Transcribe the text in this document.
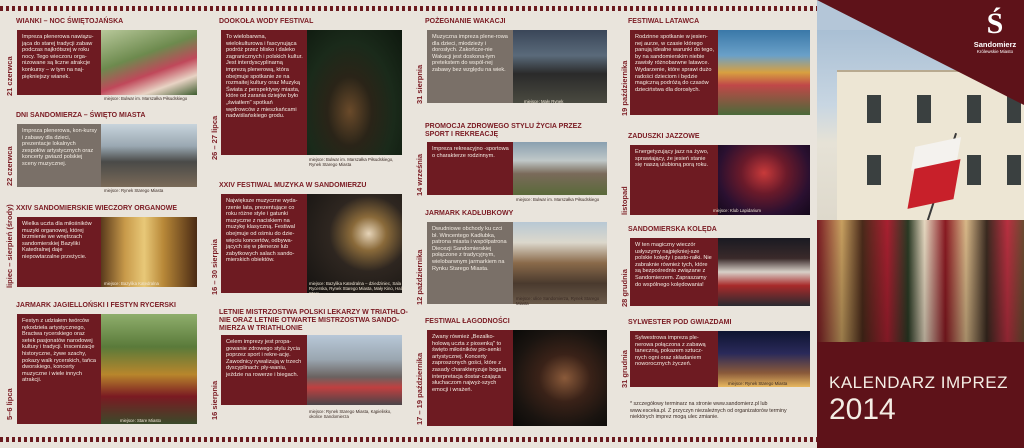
WIANKI – NOC ŚWIĘTOJAŃSKA
21 czerwca
Impreza plenerowa nawiązu-jąca do starej tradycji zabaw podczas najkrótszej w roku nocy. Tego wieczoru orga-nizowane są liczne atrakcje konkursy – w tym na naj-piękniejszy wianek.
miejsce: Bulwar im. Marszałka Piłsudskiego
DNI SANDOMIERZA – ŚWIĘTO MIASTA
22 czerwca
Impreza plenerowa, kon-kursy i zabawy dla dzieci, prezentacje lokalnych zespołów artystycznych oraz koncerty gwiazd polskiej sceny muzycznej.
miejsce: Rynek Starego Miasta
XXIV SANDOMIERSKIE WIECZORY ORGANOWE
lipiec – sierpień (środy)	Wielka uczta dla miłośników muzyki organowej, której brzmienie we wnętrzach sandomierskiej Bazyliki Katedralnej daje niepowtarzalne przeżycie.
miejsce: Bazylika Katedralna
JARMARK JAGIELLOŃSKI I FESTYN RYCERSKI
5–6 lipca
Festyn z udziałem twórców rękodzieła artystycznego, Bractwa rycerskiego oraz setek pasjonatów narodowej kultury i tradycji. Inscenizacje historyczne, żywe szachy, pokazy walk rycerskich, tańca dworskiego, koncerty muzyczne i wiele innych atrakcji.
miejsce: Stare Miasto
DOOKOŁA WODY FESTIVAL
26 – 27 lipca
To wielobarwna, wielokulturowa i fascynująca podróż przez blisko i daleko zagranicznych i polskich kultur. Jest interdyscyplinarną imprezą plenerową, która obejmuje spotkanie ze na rozmaitej kultury oraz Muzyką Świata z perspektywy miasta, które od zarania dziejów było „światłem" spotkań wędrowców z mieszkańcami nadwiślańskiego grodu.
miejsce: Bulwar im. Marszałka Piłsudskiego, Rynek Starego Miasta
XXIV FESTIWAL MUZYKA W SANDOMIERZU
16 – 30 sierpnia
Największe muzyczne wyda-rzenie lata, prezentujące co roku różne style i gatunki muzyczne z naciskiem na muzykę klasyczną. Festiwal obejmuje od ośmiu do dzie-więciu koncertów, odbywa-jących się w plenerze lub zabytkowych salach sando-mierskich obiektów.
miejsce: Bazylika Katedralna – dziedziniec, Sala Rycerska, Rynek Starego Miasta, Mały Kino, Hala Stare...
LETNIE MISTRZOSTWA POLSKI LEKARZY W TRIATHLO-NIE ORAZ LETNIE OTWARTE MISTRZOSTWA SANDO-MIERZA W TRIATHLONIE
16 sierpnia
Celem imprezy jest propa-gowanie zdrowego stylu życia poprzez sport i rekre-ację. Zawodnicy rywalizują w trzech dyscyplinach: pły-waniu, jeździe na rowerze i biegach.
miejsce: Rynek Starego Miasta, Kąpielisko, okolice Sandomierza
POŻEGNANIE WAKACJI
31 sierpnia
Muzyczna impreza plene-rowa dla dzieci, młodzieży i dorosłych. Zakończe-nie Wakacji jest doskona-łym pretekstem do wspól-nej zabawy bez względu na wiek.
miejsce: Mały Rynek
PROMOCJA ZDROWEGO STYLU ŻYCIA PRZEZ SPORT I REKREACJĘ
14 września
Impreza rekreacyjno -sportowa o charakterze rodzinnym.
miejsce: Bulwar im. Marszałka Piłsudskiego
JARMARK KADŁUBKOWY
12 października
Dwudniowe obchody ku czci bł. Wincentego Kadłubka, patrona miasta i współpatrona Diecezji Sandomierskiej połączone z tradycyjnym, wielobarwnym jarmarkiem na Rynku Starego Miasta.
miejsce: ulice Sandomierza, Rynek Starego Miasta
FESTIWAL ŁAGODNOŚCI
17 – 19 października
Zwany również „Bezalko-holową uczta z piosenką" to święto miłośników pio-senki artystycznej. Koncerty zaproszonych gości, które z zasady charakteryzuje bogata interpretacja dostar-czająca słuchaczom najwyż-szych emocji i wrażeń.
FESTIWAL LATAWCA
19 października
Rodzinne spotkanie w jesien-nej aurze, w czasie którego panują idealne warunki do tego, by na sandomierskim niebie zawisły różnobarwne latawce. Wydarzenie, które sprawi dużo radości dzieciom i będzie magiczną podróżą do czasów dzieciństwa dla dorosłych.
ZADUSZKI JAZZOWE
listopad
Energetyzujący jazz na żywo, sprawiający, że jesień stanie się naszą ulubioną porą roku.
miejsce: Klub Lapidarium
SANDOMIERSKA KOLĘDA
28 grudnia
W ten magiczny wieczór usłyszymy najpiękniej-sze polskie kolędy i pasto-rałki. Nie zabraknie również tych, które są bezpośrednio związane z Sandomierzem. Zapraszamy do wspólnego kolędowania!
SYLWESTER POD GWIAZDAMI
31 grudnia
Sylwestrowa impreza ple-nerowa połączona z zabawą taneczną, pokazem sztucz-nych ogni oraz składaniem noworocznych życzeń.
miejsce: Rynek Starego Miasta
* szczegółowy terminarz na stronie www.sandomierz.pl lub
www.esceka.pl. Z przyczyn niezależnych od organizatorów terminy
niektórych imprez mogą ulec zmianie.
Ś
Sandomierz
Królewskie Miasto
KALENDARZ IMPREZ
2014
